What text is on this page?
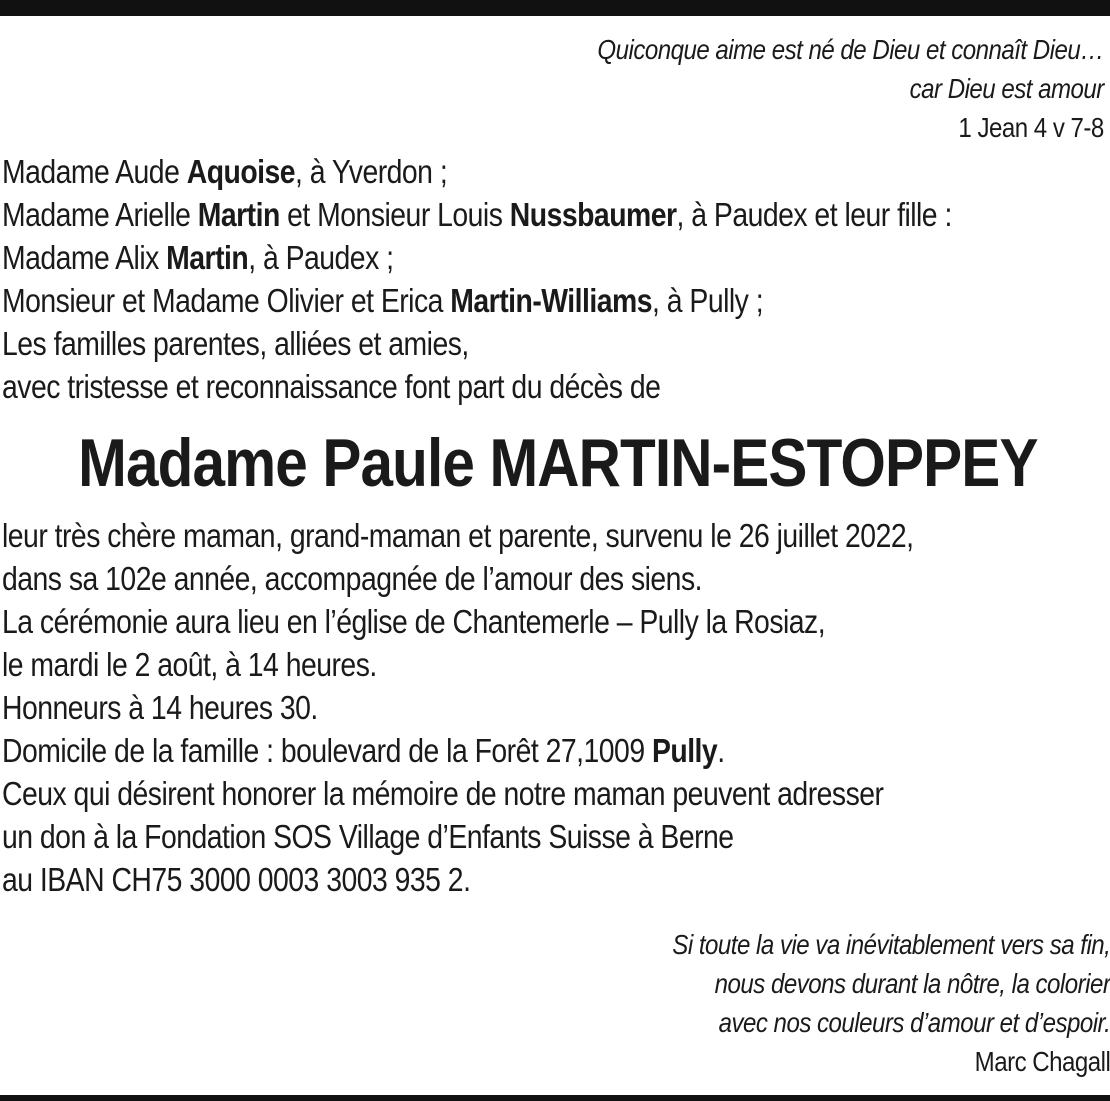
Quiconque aime est né de Dieu et connaît Dieu…
car Dieu est amour
1 Jean 4 v 7-8
Madame Aude Aquoise, à Yverdon ;
Madame Arielle Martin et Monsieur Louis Nussbaumer, à Paudex et leur fille :
Madame Alix Martin, à Paudex ;
Monsieur et Madame Olivier et Erica Martin-Williams, à Pully ;
Les familles parentes, alliées et amies,
avec tristesse et reconnaissance font part du décès de
Madame Paule MARTIN-ESTOPPEY
leur très chère maman, grand-maman et parente, survenu le 26 juillet 2022,
dans sa 102e année, accompagnée de l’amour des siens.
La cérémonie aura lieu en l’église de Chantemerle – Pully la Rosiaz,
le mardi le 2 août, à 14 heures.
Honneurs à 14 heures 30.
Domicile de la famille : boulevard de la Forêt 27,1009 Pully.
Ceux qui désirent honorer la mémoire de notre maman peuvent adresser
un don à la Fondation SOS Village d’Enfants Suisse à Berne
au IBAN CH75 3000 0003 3003 935 2.
Si toute la vie va inévitablement vers sa fin,
nous devons durant la nôtre, la colorier
avec nos couleurs d’amour et d’espoir.
Marc Chagall
